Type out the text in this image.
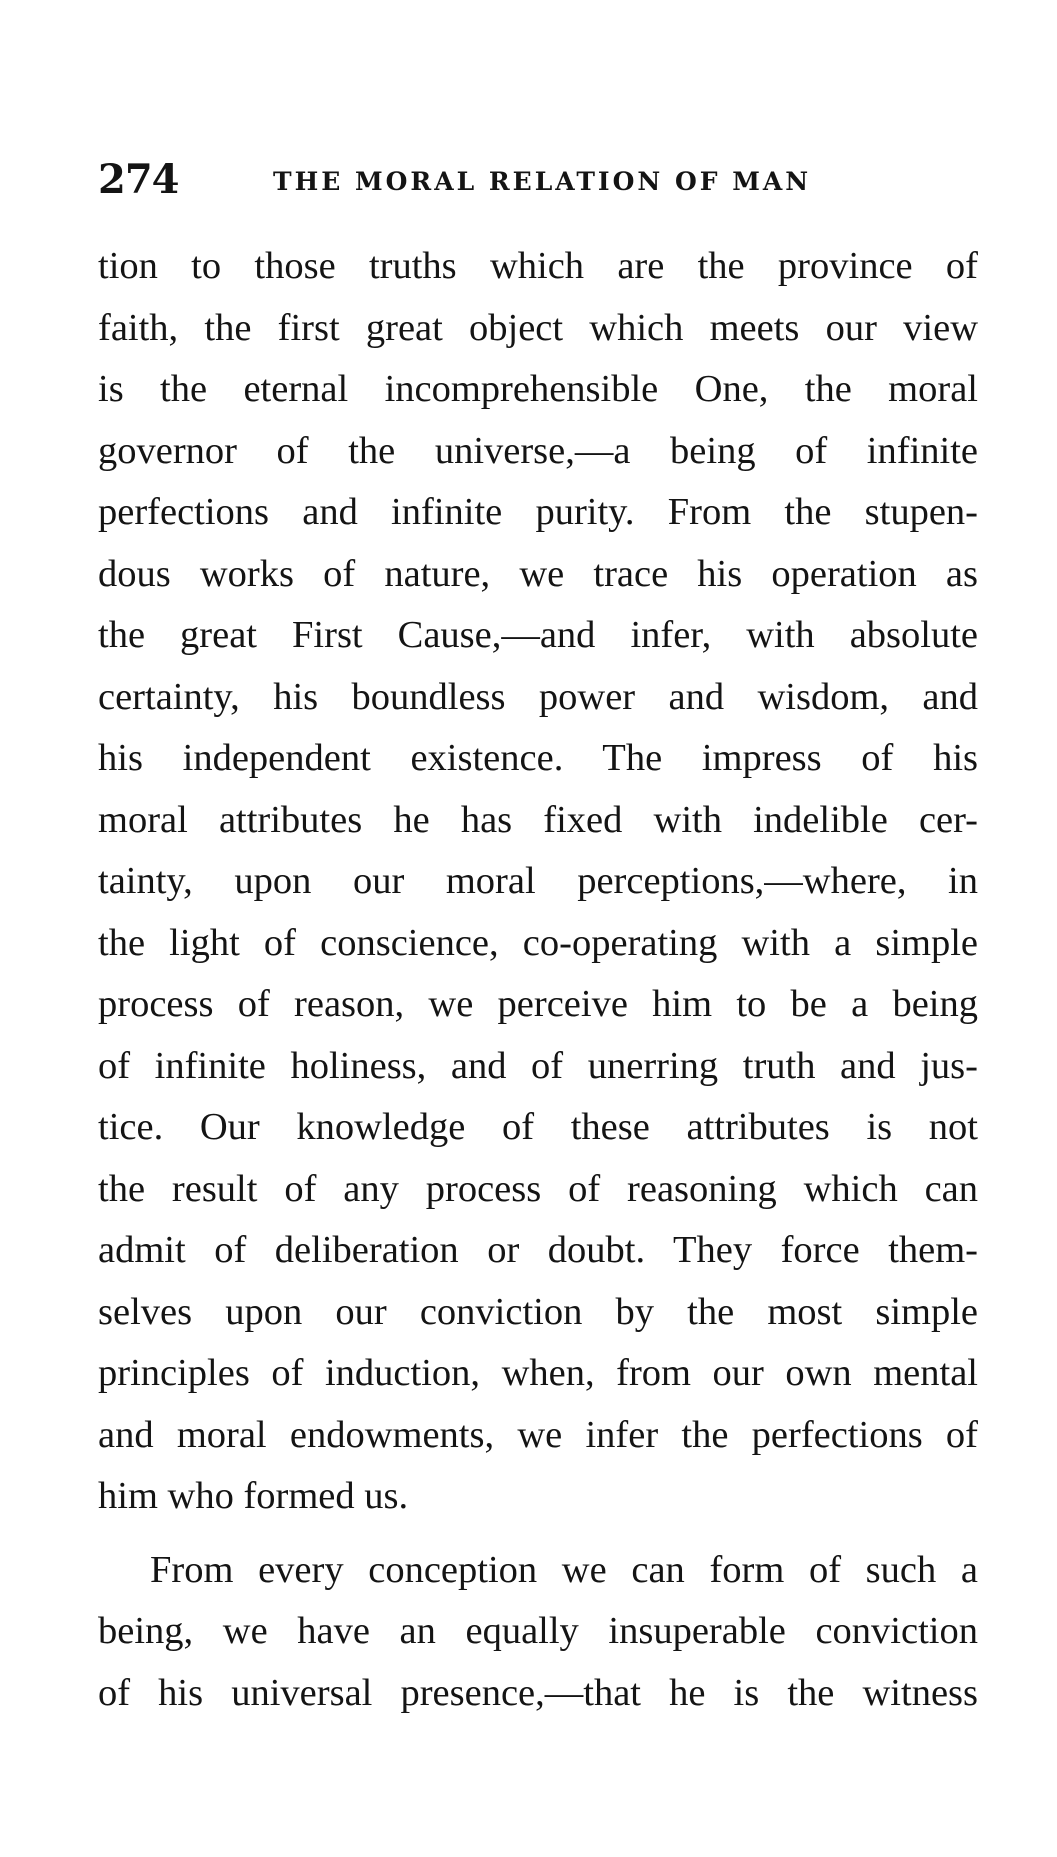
274	THE MORAL RELATION OF MAN
tion to those truths which are the province of
faith, the first great object which meets our view
is the eternal incomprehensible One, the moral
governor of the universe,—a being of infinite
perfections and infinite purity. From the stupen-
dous works of nature, we trace his operation as
the great First Cause,—and infer, with absolute
certainty, his boundless power and wisdom, and
his independent existence. The impress of his
moral attributes he has fixed with indelible cer-
tainty, upon our moral perceptions,—where, in
the light of conscience, co-operating with a simple
process of reason, we perceive him to be a being
of infinite holiness, and of unerring truth and jus-
tice. Our knowledge of these attributes is not
the result of any process of reasoning which can
admit of deliberation or doubt. They force them-
selves upon our conviction by the most simple
principles of induction, when, from our own mental
and moral endowments, we infer the perfections of
him who formed us.
From every conception we can form of such a
being, we have an equally insuperable conviction
of his universal presence,—that he is the witness
